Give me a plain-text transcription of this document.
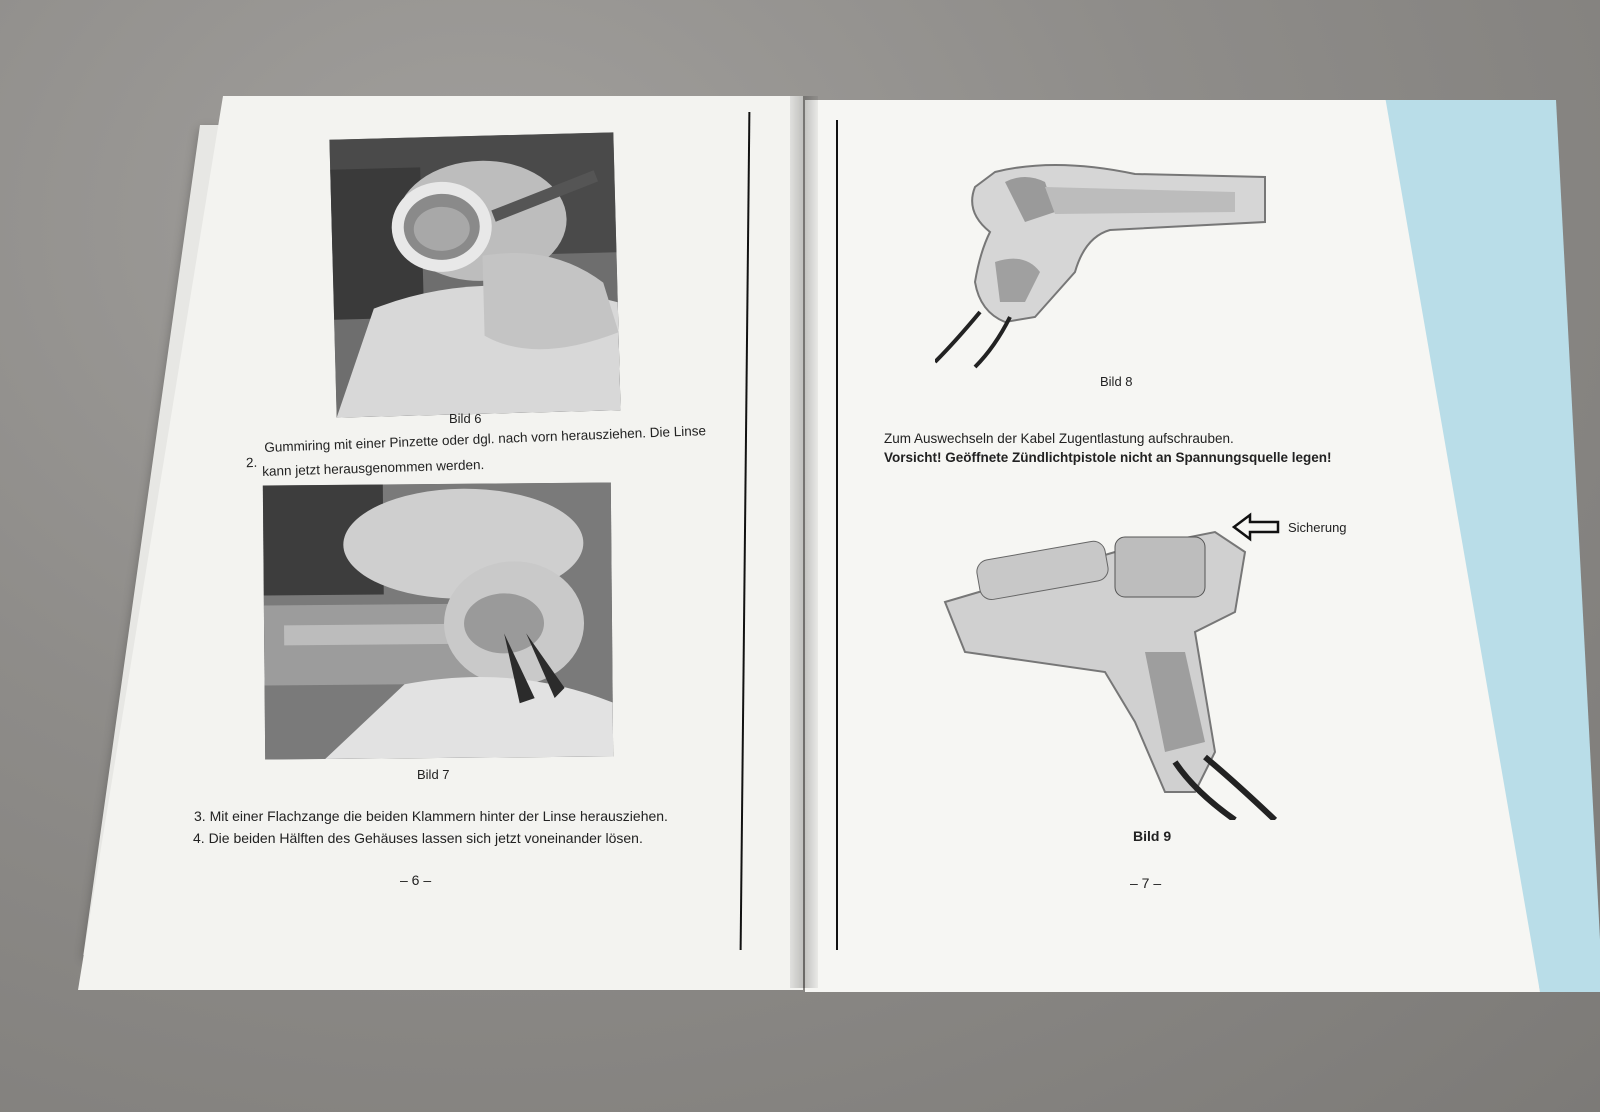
Bild 6
2.
Gummiring mit einer Pinzette oder dgl. nach vorn herausziehen. Die Linse
kann jetzt herausgenommen werden.
Bild 7
3. Mit einer Flachzange die beiden Klammern hinter der Linse herausziehen.
4. Die beiden Hälften des Gehäuses lassen sich jetzt voneinander lösen.
– 6 –
Bild 8
Zum Auswechseln der Kabel Zugentlastung aufschrauben.
Vorsicht! Geöffnete Zündlichtpistole nicht an Spannungsquelle legen!
Sicherung
Bild 9
– 7 –
